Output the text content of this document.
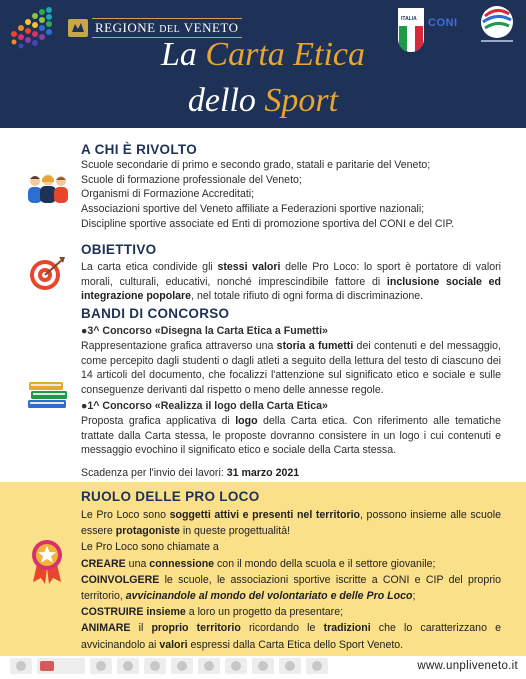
REGIONE DEL VENETO
ITALIA CONI
La Carta Etica
dello Sport
A CHI È RIVOLTO
Scuole secondarie di primo e secondo grado, statali e paritarie del Veneto;
Scuole di formazione professionale del Veneto;
Organismi di Formazione Accreditati;
Associazioni sportive del Veneto affiliate a Federazioni sportive nazionali;
Discipline sportive associate ed Enti di promozione sportiva del CONI e del CIP.
OBIETTIVO
La carta etica condivide gli stessi valori delle Pro Loco: lo sport è portatore di valori morali, culturali, educativi, nonché imprescindibile fattore di inclusione sociale ed integrazione popolare, nel totale rifiuto di ogni forma di discriminazione.
BANDI DI CONCORSO
●3^ Concorso «Disegna la Carta Etica a Fumetti»
Rappresentazione grafica attraverso una storia a fumetti dei contenuti e del messaggio, come percepito dagli studenti o dagli atleti a seguito della lettura del testo di ciascuno dei 14 articoli del documento, che focalizzi l'attenzione sul significato etico e sociale e sulle conseguenze derivanti dal rispetto o meno delle annesse regole.
●1^ Concorso «Realizza il logo della Carta Etica»
Proposta grafica applicativa di logo della Carta etica. Con riferimento alle tematiche trattate dalla Carta stessa, le proposte dovranno consistere in un logo i cui contenuti e messaggio evochino il significato etico e sociale della Carta stessa.
Scadenza per l'invio dei lavori: 31 marzo 2021
RUOLO DELLE PRO LOCO
Le Pro Loco sono soggetti attivi e presenti nel territorio, possono insieme alle scuole essere protagoniste in queste progettualità!
Le Pro Loco sono chiamate a
CREARE una connessione con il mondo della scuola e il settore giovanile;
COINVOLGERE le scuole, le associazioni sportive iscritte a CONI e CIP del proprio territorio, avvicinandole al mondo del volontariato e delle Pro Loco;
COSTRUIRE insieme a loro un progetto da presentare;
ANIMARE il proprio territorio ricordando le tradizioni che lo caratterizzano e avvicinandolo ai valori espressi dalla Carta Etica dello Sport Veneto.
www.unpliveneto.it
